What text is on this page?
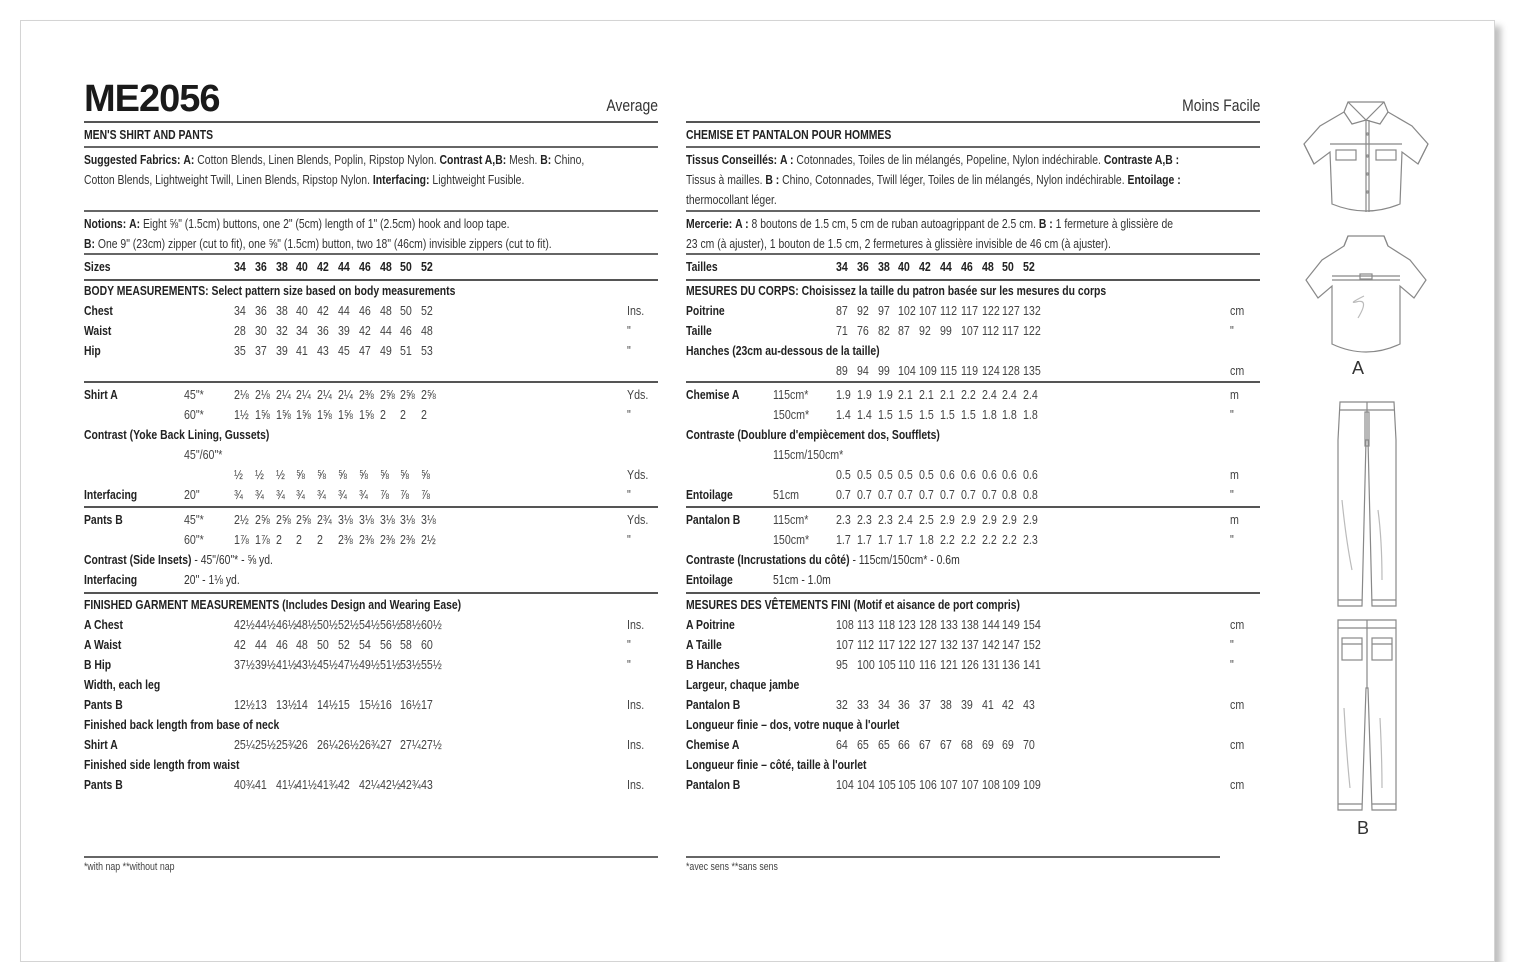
ME2056	Average
MEN'S SHIRT AND PANTS
Suggested Fabrics: A: Cotton Blends, Linen Blends, Poplin, Ripstop Nylon. Contrast A,B: Mesh. B: Chino,
Cotton Blends, Lightweight Twill, Linen Blends, Ripstop Nylon. Interfacing: Lightweight Fusible.
Notions: A: Eight ⅝" (1.5cm) buttons, one 2" (5cm) length of 1" (2.5cm) hook and loop tape.
B: One 9" (23cm) zipper (cut to fit), one ⅝" (1.5cm) button, two 18" (46cm) invisible zippers (cut to fit).
Sizes	34 36 38 40 42 44 46 48 50 52
BODY MEASUREMENTS: Select pattern size based on body measurements
Chest	34 36 38 40 42 44 46 48 50 52	Ins.
Waist	28 30 32 34 36 39 42 44 46 48	"
Hip	35 37 39 41 43 45 47 49 51 53	"
Shirt A	45"* 2⅛ 2⅛ 2¼ 2¼ 2¼ 2¼ 2⅜ 2⅝ 2⅝ 2⅝	Yds.
60"* 1½ 1⅝ 1⅝ 1⅝ 1⅝ 1⅝ 1⅝ 2 2 2	"
Contrast (Yoke Back Lining, Gussets)
45"/60"*
½ ½ ½ ⅝ ⅝ ⅝ ⅝ ⅝ ⅝ ⅝	Yds.
Interfacing	20"	¾ ¾ ¾ ¾ ¾ ¾ ¾ ⅞ ⅞ ⅞	"
Pants B	45"* 2½ 2⅝ 2⅝ 2⅝ 2¾ 3⅛ 3⅛ 3⅛ 3⅛ 3⅛	Yds.
60"* 1⅞ 1⅞ 2 2 2 2⅜ 2⅜ 2⅜ 2⅜ 2½	"
Contrast (Side Insets) - 45"/60"* - ⅝ yd.
Interfacing	20" - 1⅛ yd.
FINISHED GARMENT MEASUREMENTS (Includes Design and Wearing Ease)
A Chest	42½ 44½ 46½ 48½ 50½ 52½ 54½ 56½ 58½ 60½	Ins.
A Waist	42 44 46 48 50 52 54 56 58 60	"
B Hip	37½ 39½ 41½ 43½ 45½ 47½ 49½ 51½ 53½ 55½	"
Width, each leg
Pants B	12½ 13 13½ 14 14½ 15 15½ 16 16½ 17	Ins.
Finished back length from base of neck
Shirt A	25¼ 25½ 25¾ 26 26¼ 26½ 26¾ 27 27¼ 27½	Ins.
Finished side length from waist
Pants B	40¾ 41 41¼ 41½ 41¾ 42 42¼ 42½ 42¾ 43	Ins.
Moins Facile
CHEMISE ET PANTALON POUR HOMMES
Tissus Conseillés: A : Cotonnades, Toiles de lin mélangés, Popeline, Nylon indéchirable. Contraste A,B :
Tissus à mailles. B : Chino, Cotonnades, Twill léger, Toiles de lin mélangés, Nylon indéchirable. Entoilage :
thermocollant léger.
Mercerie: A : 8 boutons de 1.5 cm, 5 cm de ruban autoagrippant de 2.5 cm. B : 1 fermeture à glissière de
23 cm (à ajuster), 1 bouton de 1.5 cm, 2 fermetures à glissière invisible de 46 cm (à ajuster).
Tailles	34 36 38 40 42 44 46 48 50 52
MESURES DU CORPS: Choisissez la taille du patron basée sur les mesures du corps
Poitrine	87 92 97 102 107 112 117 122 127 132	cm
Taille	71 76 82 87 92 99 107 112 117 122	"
Hanches (23cm au-dessous de la taille)
89 94 99 104 109 115 119 124 128 135	cm
Chemise A	115cm* 1.9 1.9 1.9 2.1 2.1 2.1 2.2 2.4 2.4 2.4	m
150cm* 1.4 1.4 1.5 1.5 1.5 1.5 1.5 1.8 1.8 1.8	"
Contraste (Doublure d'empiècement dos, Soufflets)
115cm/150cm*
0.5 0.5 0.5 0.5 0.5 0.6 0.6 0.6 0.6 0.6	m
Entoilage	51cm	0.7 0.7 0.7 0.7 0.7 0.7 0.7 0.7 0.8 0.8	"
Pantalon B	115cm* 2.3 2.3 2.3 2.4 2.5 2.9 2.9 2.9 2.9 2.9	m
150cm* 1.7 1.7 1.7 1.7 1.8 2.2 2.2 2.2 2.2 2.3	"
Contraste (Incrustations du côté) - 115cm/150cm* - 0.6m
Entoilage	51cm - 1.0m
MESURES DES VÊTEMENTS FINI (Motif et aisance de port compris)
A Poitrine	108 113 118 123 128 133 138 144 149 154	cm
A Taille	107 112 117 122 127 132 137 142 147 152	"
B Hanches	95 100 105 110 116 121 126 131 136 141	"
Largeur, chaque jambe
Pantalon B	32 33 34 36 37 38 39 41 42 43	cm
Longueur finie – dos, votre nuque à l'ourlet
Chemise A	64 65 65 66 67 67 68 69 69 70	cm
Longueur finie – côté, taille à l'ourlet
Pantalon B	104 104 105 105 106 107 107 108 109 109	cm
A
B
*with nap **without nap	*avec sens **sans sens
